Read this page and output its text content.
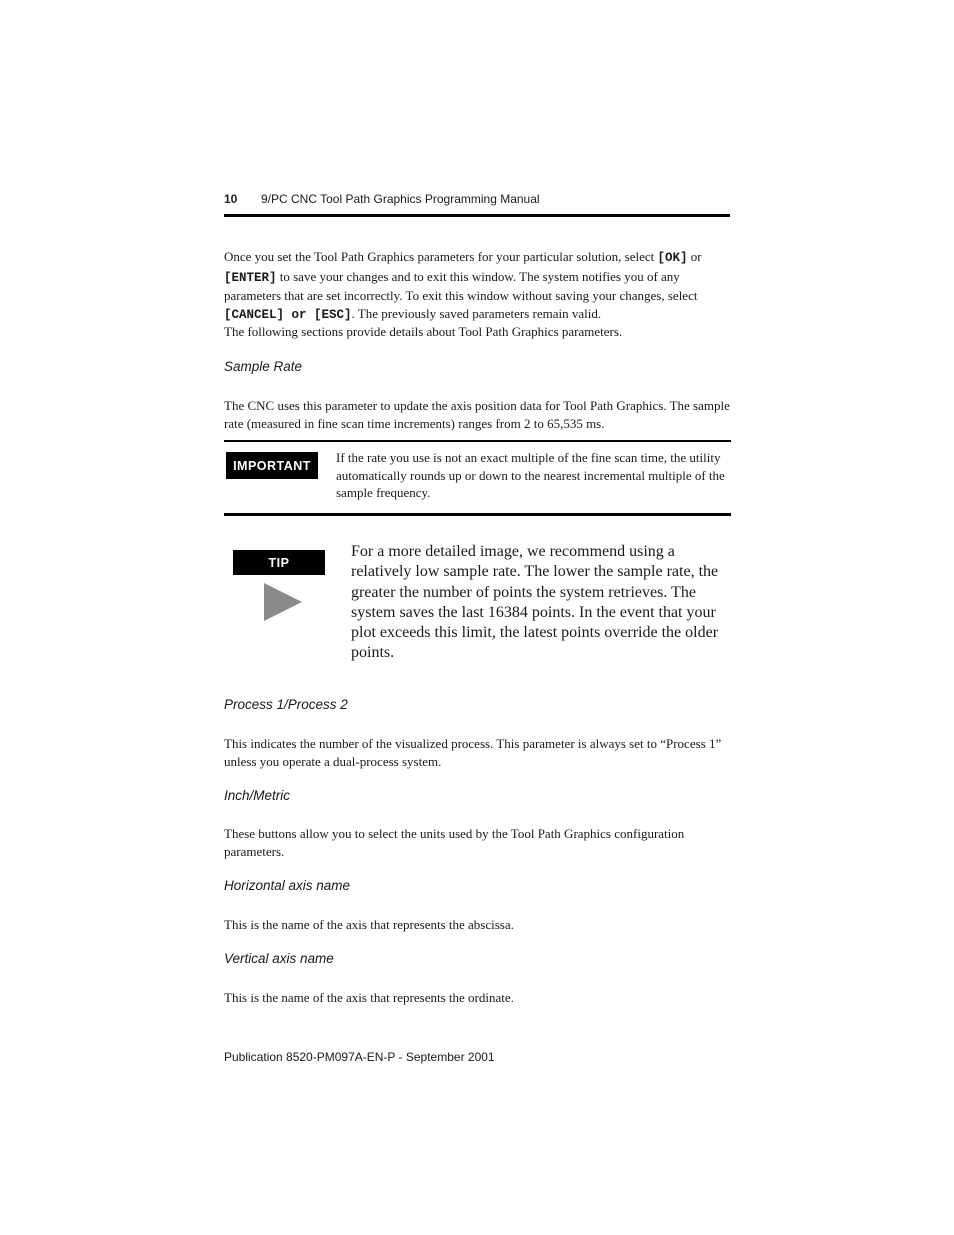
10 9/PC CNC Tool Path Graphics Programming Manual
Once you set the Tool Path Graphics parameters for your particular solution, select [OK] or [ENTER] to save your changes and to exit this window. The system notifies you of any parameters that are set incorrectly. To exit this window without saving your changes, select [CANCEL] or [ESC]. The previously saved parameters remain valid.
The following sections provide details about Tool Path Graphics parameters.
Sample Rate
The CNC uses this parameter to update the axis position data for Tool Path Graphics. The sample rate (measured in fine scan time increments) ranges from 2 to 65,535 ms.
IMPORTANT
If the rate you use is not an exact multiple of the fine scan time, the utility automatically rounds up or down to the nearest incremental multiple of the sample frequency.
TIP
For a more detailed image, we recommend using a relatively low sample rate. The lower the sample rate, the greater the number of points the system retrieves. The system saves the last 16384 points. In the event that your plot exceeds this limit, the latest points override the older points.
Process 1/Process 2
This indicates the number of the visualized process. This parameter is always set to “Process 1” unless you operate a dual-process system.
Inch/Metric
These buttons allow you to select the units used by the Tool Path Graphics configuration parameters.
Horizontal axis name
This is the name of the axis that represents the abscissa.
Vertical axis name
This is the name of the axis that represents the ordinate.
Publication 8520-PM097A-EN-P - September 2001
